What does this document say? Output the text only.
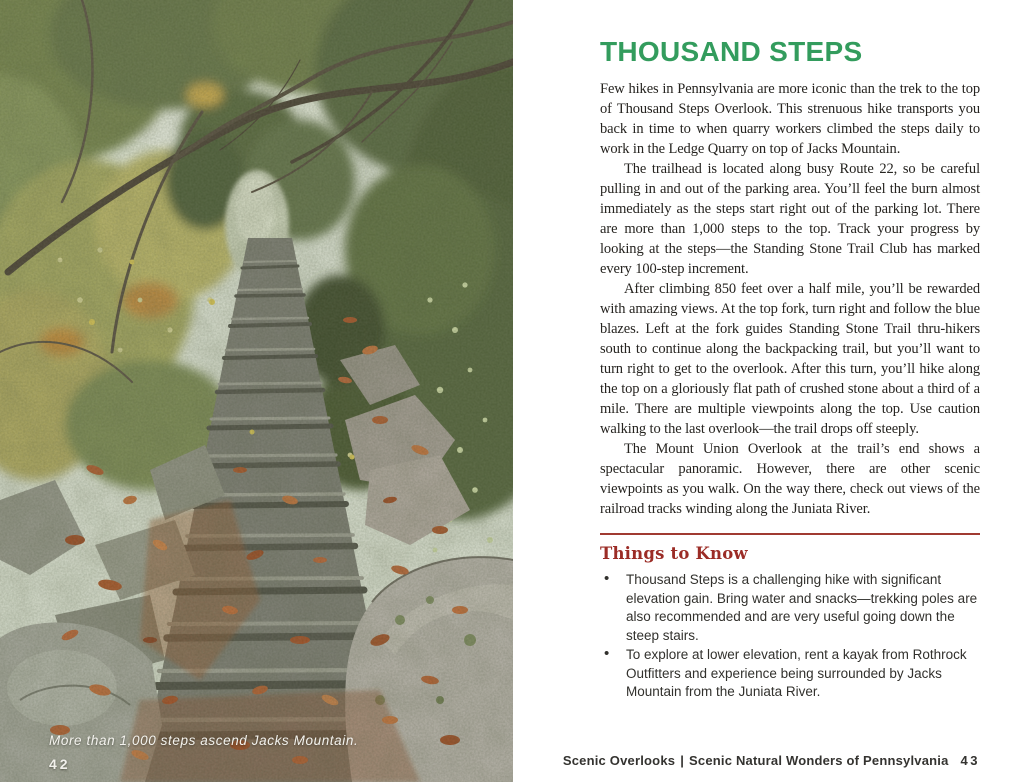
More than 1,000 steps ascend Jacks Mountain.
42
THOUSAND STEPS

Few hikes in Pennsylvania are more iconic than the trek to the top of Thousand Steps Overlook. This strenuous hike transports you back in time to when quarry workers climbed the steps daily to work in the Ledge Quarry on top of Jacks Mountain.

The trailhead is located along busy Route 22, so be careful pulling in and out of the parking area. You’ll feel the burn almost immediately as the steps start right out of the parking lot. There are more than 1,000 steps to the top. Track your progress by looking at the steps—the Standing Stone Trail Club has marked every 100-step increment.

After climbing 850 feet over a half mile, you’ll be rewarded with amazing views. At the top fork, turn right and follow the blue blazes. Left at the fork guides Standing Stone Trail thru-hikers south to continue along the backpacking trail, but you’ll want to turn right to get to the overlook. After this turn, you’ll hike along the top on a gloriously flat path of crushed stone about a third of a mile. There are multiple viewpoints along the top. Use caution walking to the last overlook—the trail drops off steeply.

The Mount Union Overlook at the trail’s end shows a spectacular panoramic. However, there are other scenic viewpoints as you walk. On the way there, check out views of the railroad tracks winding along the Juniata River.

Things to Know
• Thousand Steps is a challenging hike with significant elevation gain. Bring water and snacks—trekking poles are also recommended and are very useful going down the steep stairs.
• To explore at lower elevation, rent a kayak from Rothrock Outfitters and experience being surrounded by Jacks Mountain from the Juniata River.
Scenic Overlooks | Scenic Natural Wonders of Pennsylvania 43
